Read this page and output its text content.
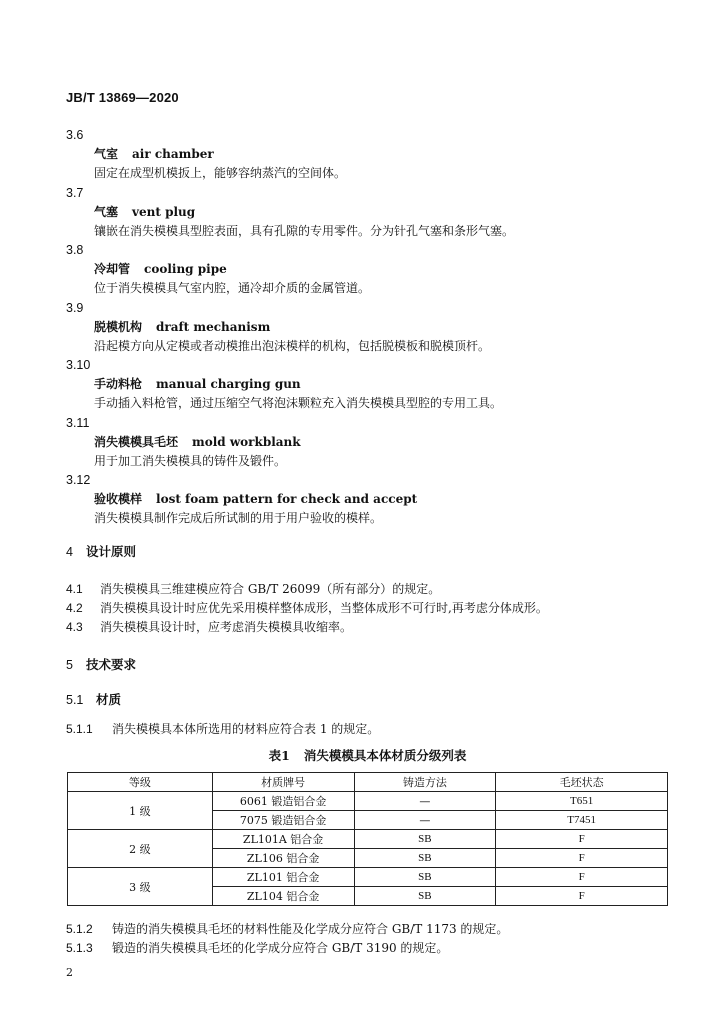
JB/T 13869—2020
3.6
气室 air chamber
固定在成型机模扳上，能够容纳蒸汽的空间体。
3.7
气塞 vent plug
镶嵌在消失模模具型腔表面，具有孔隙的专用零件。分为针孔气塞和条形气塞。
3.8
冷却管 cooling pipe
位于消失模模具气室内腔，通冷却介质的金属管道。
3.9
脱模机构 draft mechanism
沿起模方向从定模或者动模推出泡沫模样的机构，包括脱模板和脱模顶杆。
3.10
手动料枪 manual charging gun
手动插入料枪管，通过压缩空气将泡沫颗粒充入消失模模具型腔的专用工具。
3.11
消失模模具毛坯 mold workblank
用于加工消失模模具的铸件及锻件。
3.12
验收模样 lost foam pattern for check and accept
消失模模具制作完成后所试制的用于用户验收的模样。
4 设计原则
4.1 消失模模具三维建模应符合 GB/T 26099（所有部分）的规定。
4.2 消失模模具设计时应优先采用模样整体成形，当整体成形不可行时,再考虑分体成形。
4.3 消失模模具设计时，应考虑消失模模具收缩率。
5 技术要求
5.1 材质
5.1.1 消失模模具本体所选用的材料应符合表 1 的规定。
表1 消失模模具本体材质分级列表
等级	材质牌号	铸造方法	毛坯状态
1 级	6061 锻造铝合金	—	T651
	7075 锻造铝合金	—	T7451
2 级	ZL101A 铝合金	SB	F
	ZL106 铝合金	SB	F
3 级	ZL101 铝合金	SB	F
	ZL104 铝合金	SB	F
5.1.2 铸造的消失模模具毛坯的材料性能及化学成分应符合 GB/T 1173 的规定。
5.1.3 锻造的消失模模具毛坯的化学成分应符合 GB/T 3190 的规定。
2
